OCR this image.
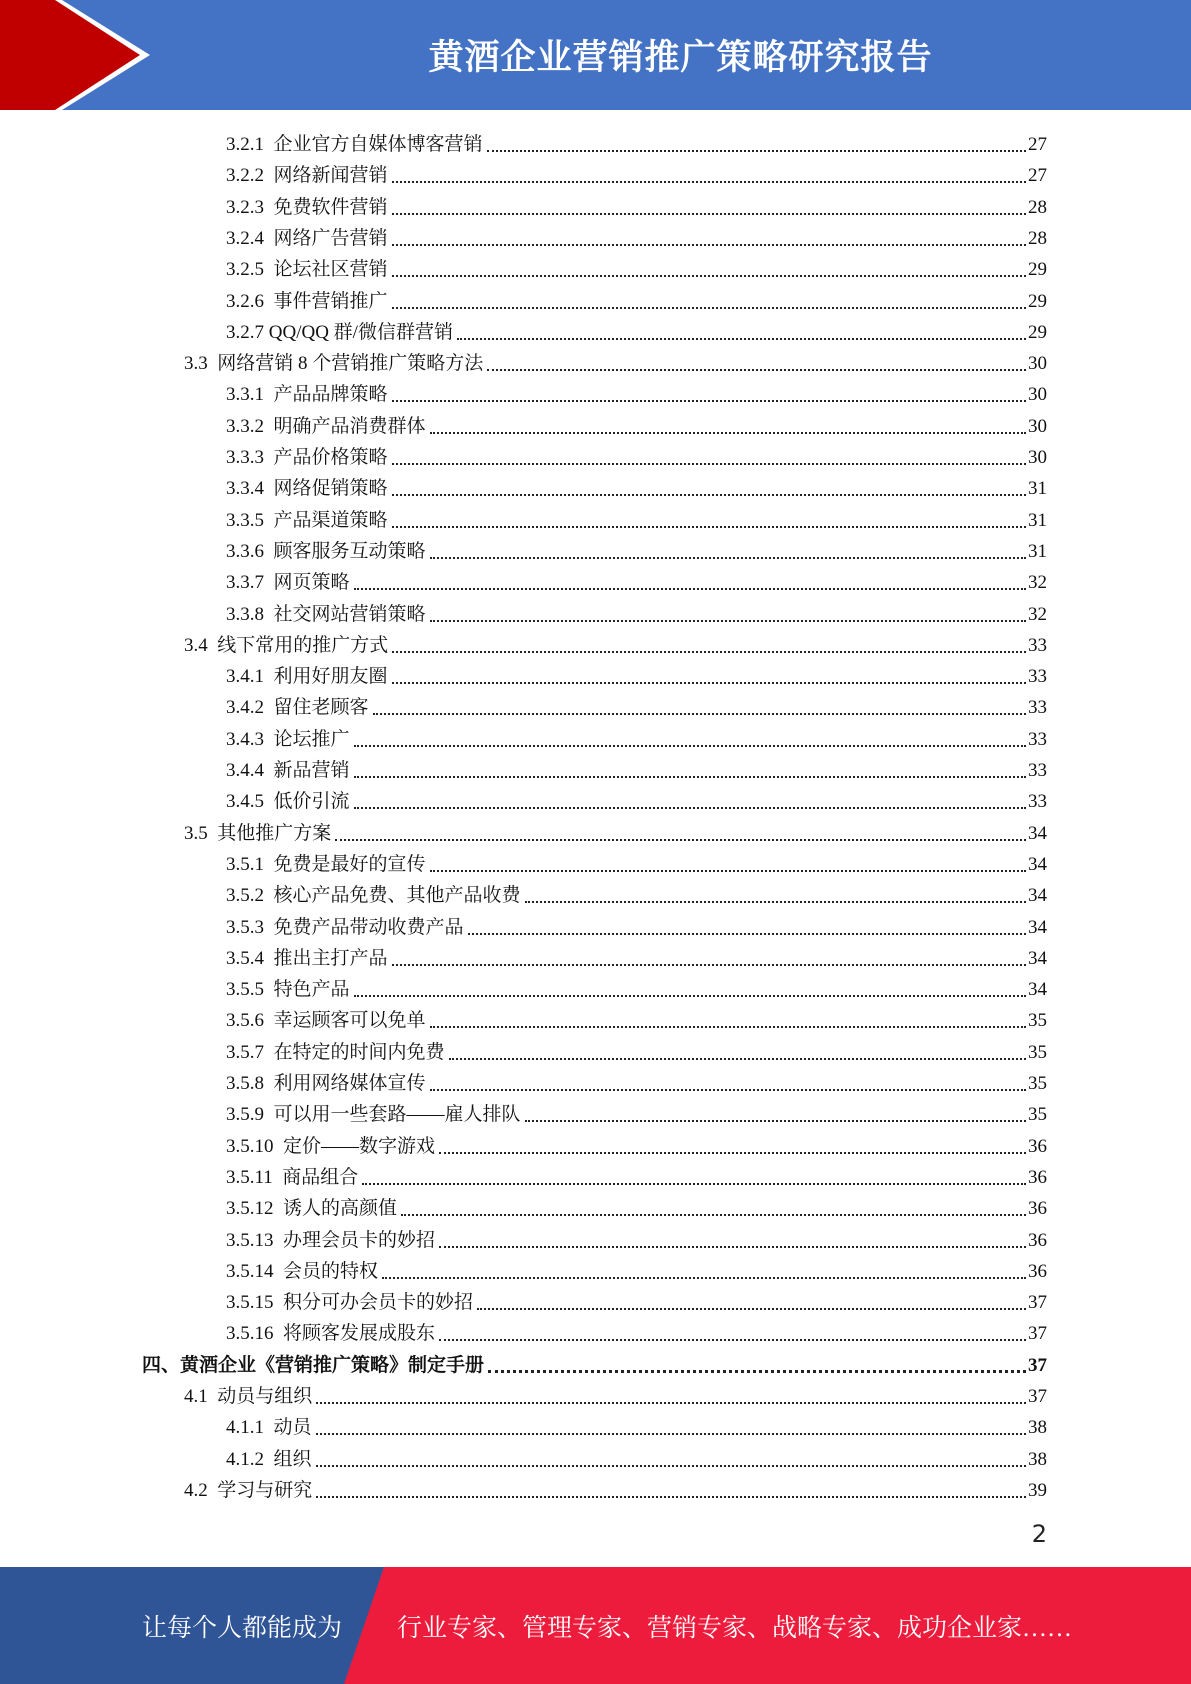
黄酒企业营销推广策略研究报告
3.2.1  企业官方自媒体博客营销	27
3.2.2  网络新闻营销	27
3.2.3  免费软件营销	28
3.2.4  网络广告营销	28
3.2.5  论坛社区营销	29
3.2.6  事件营销推广	29
3.2.7 QQ/QQ 群/微信群营销	29
3.3  网络营销 8 个营销推广策略方法	30
3.3.1  产品品牌策略	30
3.3.2  明确产品消费群体	30
3.3.3  产品价格策略	30
3.3.4  网络促销策略	31
3.3.5  产品渠道策略	31
3.3.6  顾客服务互动策略	31
3.3.7  网页策略	32
3.3.8  社交网站营销策略	32
3.4  线下常用的推广方式	33
3.4.1  利用好朋友圈	33
3.4.2  留住老顾客	33
3.4.3  论坛推广	33
3.4.4  新品营销	33
3.4.5  低价引流	33
3.5  其他推广方案	34
3.5.1  免费是最好的宣传	34
3.5.2  核心产品免费、其他产品收费	34
3.5.3  免费产品带动收费产品	34
3.5.4  推出主打产品	34
3.5.5  特色产品	34
3.5.6  幸运顾客可以免单	35
3.5.7  在特定的时间内免费	35
3.5.8  利用网络媒体宣传	35
3.5.9  可以用一些套路——雇人排队	35
3.5.10  定价——数字游戏	36
3.5.11  商品组合	36
3.5.12  诱人的高颜值	36
3.5.13  办理会员卡的妙招	36
3.5.14  会员的特权	36
3.5.15  积分可办会员卡的妙招	37
3.5.16  将顾客发展成股东	37
四、黄酒企业《营销推广策略》制定手册	37
4.1  动员与组织	37
4.1.1  动员	38
4.1.2  组织	38
4.2  学习与研究	39
2
让每个人都能成为 行业专家、管理专家、营销专家、战略专家、成功企业家……
